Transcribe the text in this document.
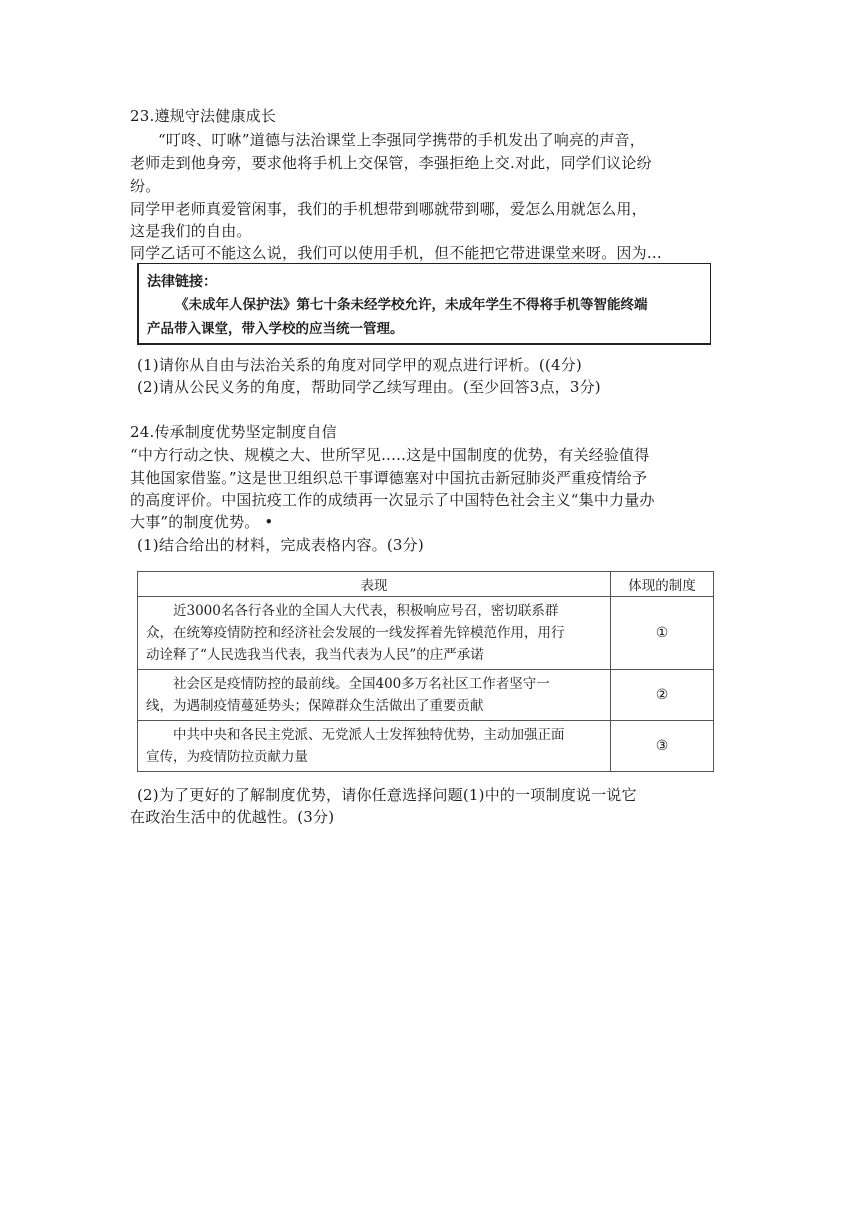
23.遵规守法健康成长
“叮咚、叮咻”道德与法治课堂上李强同学携带的手机发出了响亮的声音，
老师走到他身旁，要求他将手机上交保管，李强拒绝上交.对此，同学们议论纷
纷。
同学甲老师真爱管闲事，我们的手机想带到哪就带到哪，爱怎么用就怎么用，
这是我们的自由。
同学乙话可不能这么说，我们可以使用手机，但不能把它带进课堂来呀。因为…
法律链接：
《未成年人保护法》第七十条未经学校允许，未成年学生不得将手机等智能终端
产品带入课堂，带入学校的应当统一管理。
(1)请你从自由与法治关系的角度对同学甲的观点进行评析。((4分)
(2)请从公民义务的角度，帮助同学乙续写理由。(至少回答3点，3分)
24.传承制度优势坚定制度自信
“中方行动之快、规模之大、世所罕见..…这是中国制度的优势，有关经验值得
其他国家借鉴。”这是世卫组织总干事谭德塞对中国抗击新冠肺炎严重疫情给予
的高度评价。中国抗疫工作的成绩再一次显示了中国特色社会主义“集中力量办
大事”的制度优势。 •
(1)结合给出的材料，完成表格内容。(3分)
表现	体现的制度

近3000名各行各业的全国人大代表，积极响应号召，密切联系群
众，在统筹疫情防控和经济社会发展的一线发挥着先锌模范作用，用行
动诠释了“人民选我当代表，我当代表为人民”的庄严承诺	①

社会区是疫情防控的最前线。全国400多万名社区工作者坚守一
线，为遇制疫情蔓延势头；保障群众生活做出了重要贡献	②

中共中央和各民主党派、无党派人士发挥独特优势，主动加强正面
宣传，为疫情防拉贡献力量	③
(2)为了更好的了解制度优势，请你任意选择问题(1)中的一项制度说一说它
在政治生活中的优越性。(3分)
